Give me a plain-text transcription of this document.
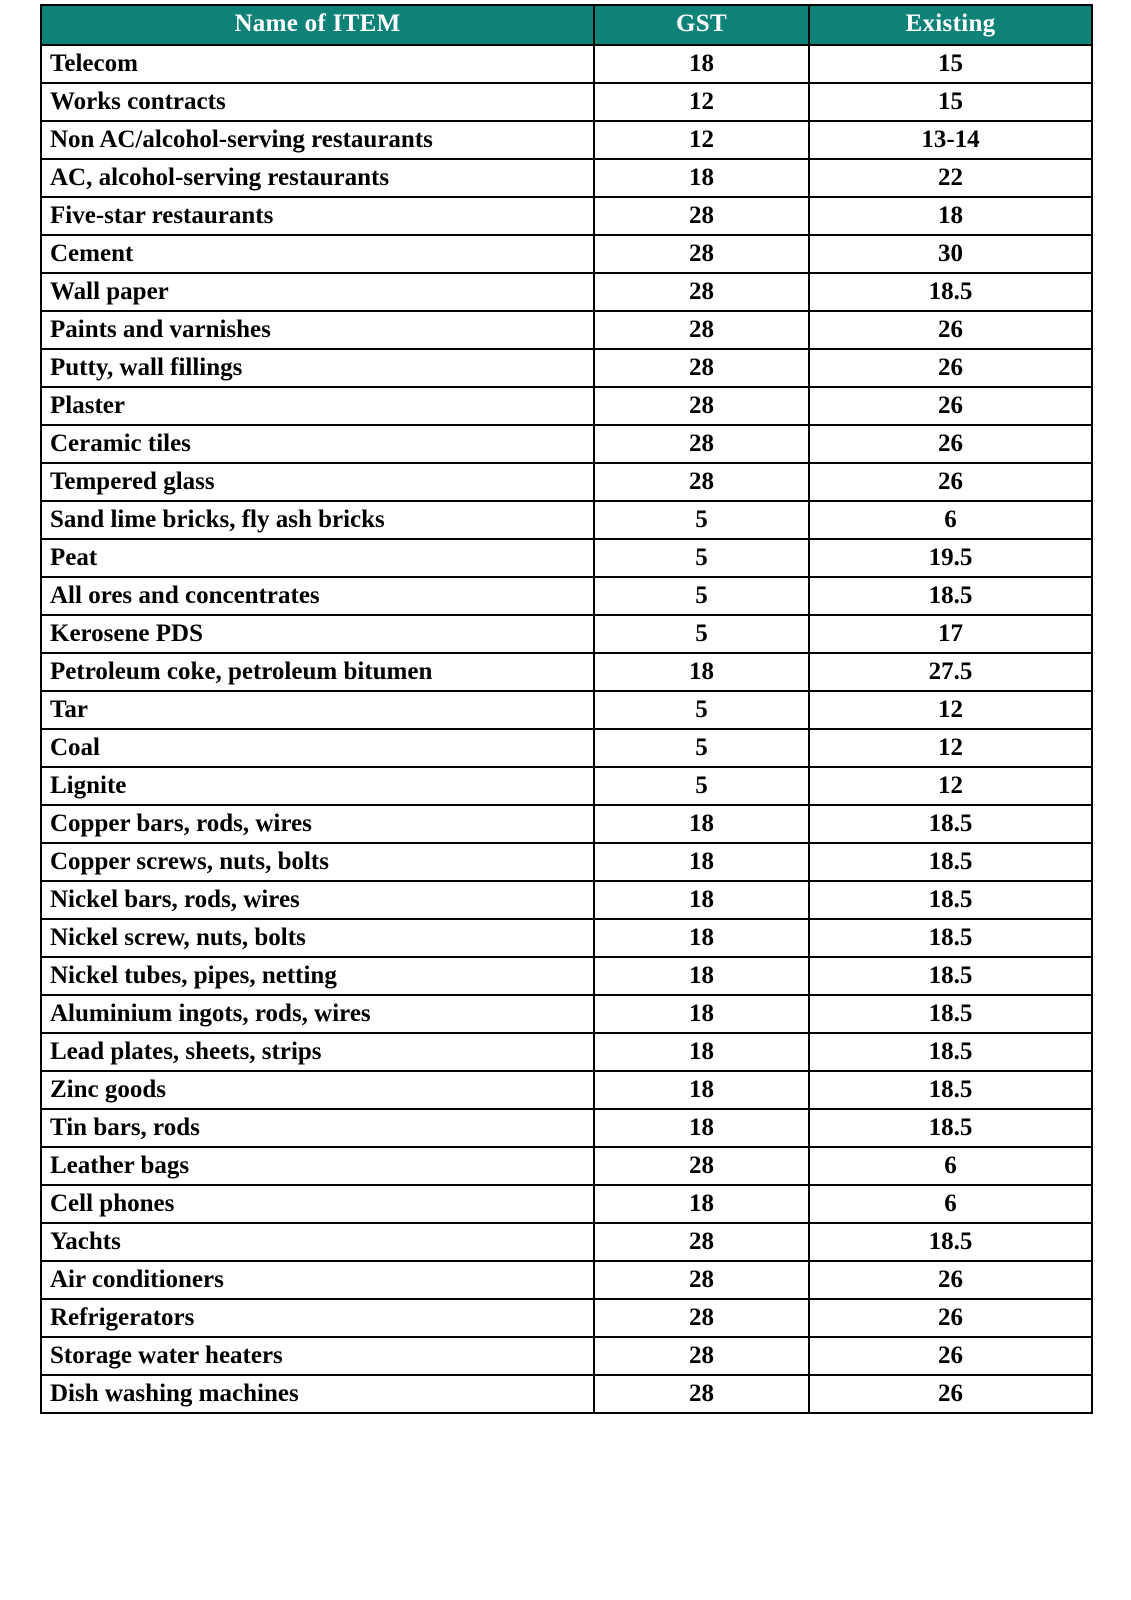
Name of ITEM	GST	Existing
Telecom	18	15
Works contracts	12	15
Non AC/alcohol-serving restaurants	12	13-14
AC, alcohol-serving restaurants	18	22
Five-star restaurants	28	18
Cement	28	30
Wall paper	28	18.5
Paints and varnishes	28	26
Putty, wall fillings	28	26
Plaster	28	26
Ceramic tiles	28	26
Tempered glass	28	26
Sand lime bricks, fly ash bricks	5	6
Peat	5	19.5
All ores and concentrates	5	18.5
Kerosene PDS	5	17
Petroleum coke, petroleum bitumen	18	27.5
Tar	5	12
Coal	5	12
Lignite	5	12
Copper bars, rods, wires	18	18.5
Copper screws, nuts, bolts	18	18.5
Nickel bars, rods, wires	18	18.5
Nickel screw, nuts, bolts	18	18.5
Nickel tubes, pipes, netting	18	18.5
Aluminium ingots, rods, wires	18	18.5
Lead plates, sheets, strips	18	18.5
Zinc goods	18	18.5
Tin bars, rods	18	18.5
Leather bags	28	6
Cell phones	18	6
Yachts	28	18.5
Air conditioners	28	26
Refrigerators	28	26
Storage water heaters	28	26
Dish washing machines	28	26
